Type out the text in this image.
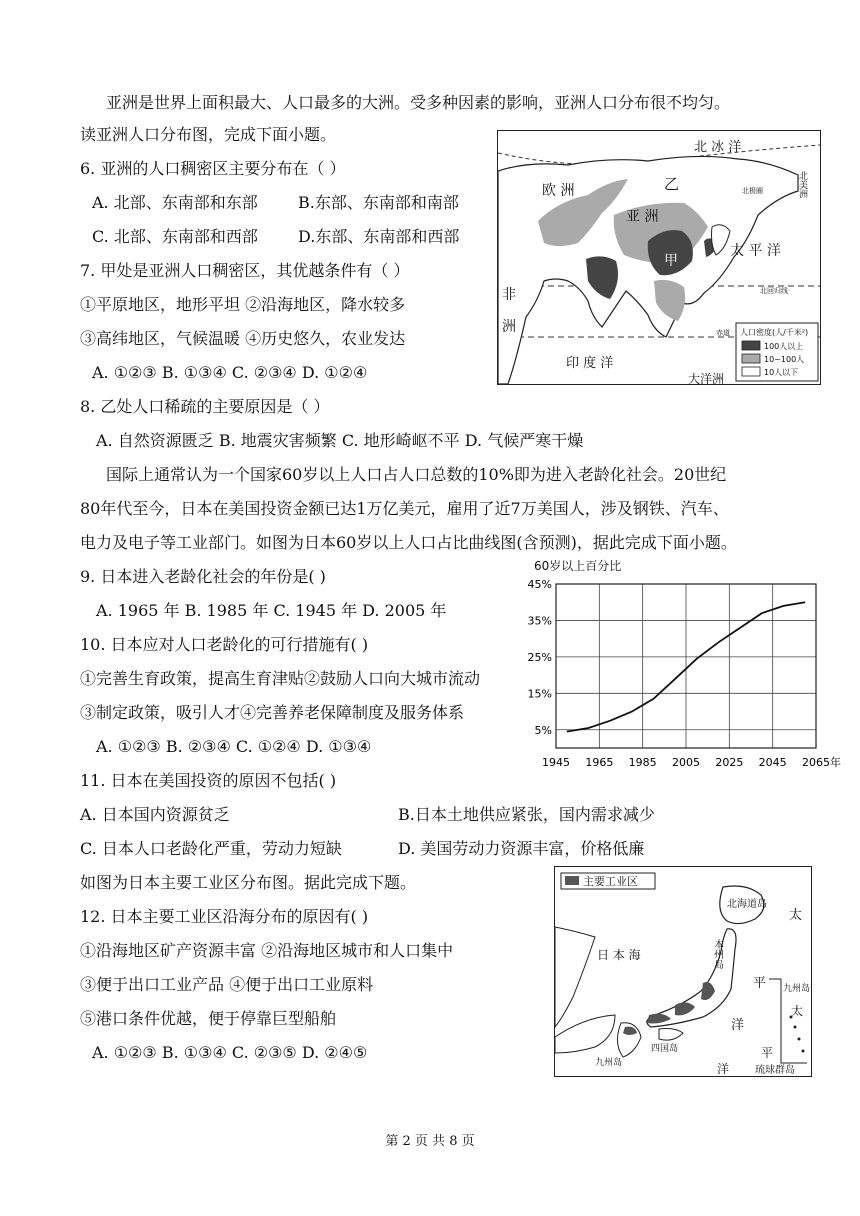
亚洲是世界上面积最大、人口最多的大洲。受多种因素的影响，亚洲人口分布很不均匀。
读亚洲人口分布图，完成下面小题。
6. 亚洲的人口稠密区主要分布在（ ）
A. 北部、东南部和东部	B.东部、东南部和南部
C. 北部、东南部和西部	D.东部、东南部和西部
7. 甲处是亚洲人口稠密区，其优越条件有（ ）
①平原地区，地形平坦 ②沿海地区，降水较多
③高纬地区，气候温暖 ④历史悠久，农业发达
A. ①②③ B. ①③④ C. ②③④ D. ①②④
8. 乙处人口稀疏的主要原因是（ ）
A. 自然资源匮乏 B. 地震灾害频繁 C. 地形崎岖不平 D. 气候严寒干燥
国际上通常认为一个国家60岁以上人口占人口总数的10%即为进入老龄化社会。20世纪
80年代至今，日本在美国投资金额已达1万亿美元，雇用了近7万美国人，涉及钢铁、汽车、
电力及电子等工业部门。如图为日本60岁以上人口占比曲线图(含预测)，据此完成下面小题。
9. 日本进入老龄化社会的年份是( )
A. 1965 年 B. 1985 年 C. 1945 年 D. 2005 年
10. 日本应对人口老龄化的可行措施有( )
①完善生育政策，提高生育津贴②鼓励人口向大城市流动
③制定政策，吸引人才④完善养老保障制度及服务体系
A. ①②③ B. ②③④ C. ①②④ D. ①③④
11. 日本在美国投资的原因不包括( )
A. 日本国内资源贫乏	B.日本土地供应紧张，国内需求减少
C. 日本人口老龄化严重，劳动力短缺	D. 美国劳动力资源丰富，价格低廉
如图为日本主要工业区分布图。据此完成下题。
12. 日本主要工业区沿海分布的原因有( )
①沿海地区矿产资源丰富 ②沿海地区城市和人口集中
③便于出口工业产品 ④便于出口工业原料
⑤港口条件优越，便于停靠巨型船舶
A. ①②③ B. ①③④ C. ②③⑤ D. ②④⑤
北 冰 洋
北美洲
欧 洲	乙
亚 洲
甲
北极圈
太 平 洋
北回归线
赤道
非
洲
印 度 洋
大洋洲
人口密度(人/千米²)
100人以上
10~100人
10人以下
60岁以上百分比
1945 1965 1985 2005 2025 2045 2065 年
45%
35%
25%
15%
5%
主要工业区
北海道岛
本州岛
日 本 海
太
平
洋
太
平
洋
九州岛
四国岛
九州岛
琉球群岛
第 2 页 共 8 页
